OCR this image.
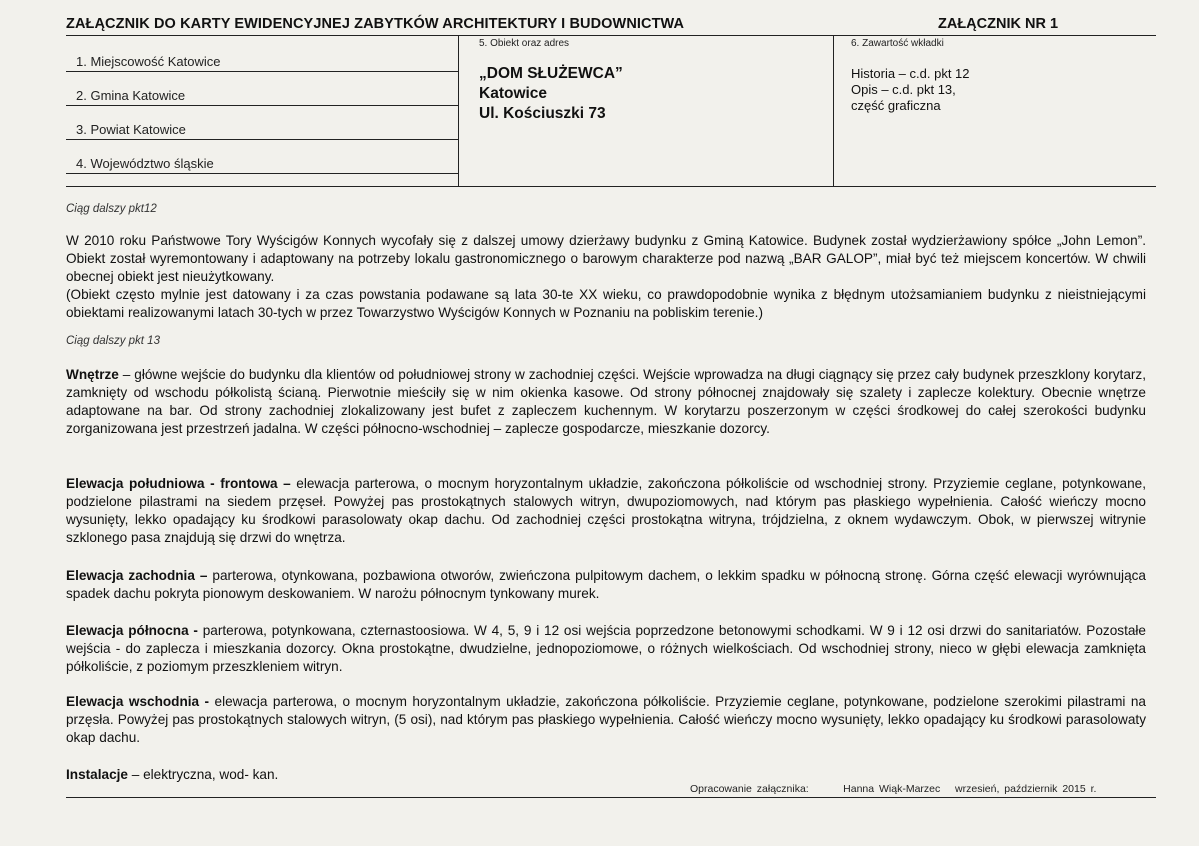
ZAŁĄCZNIK DO KARTY EWIDENCYJNEJ ZABYTKÓW ARCHITEKTURY I BUDOWNICTWA	ZAŁĄCZNIK NR 1
1. Miejscowość Katowice
2. Gmina Katowice
3. Powiat Katowice
4. Województwo śląskie
5. Obiekt oraz adres
„DOM SŁUŻEWCA”
Katowice
Ul. Kościuszki 73
6. Zawartość wkładki
Historia – c.d. pkt 12
Opis – c.d. pkt 13,
część graficzna
Ciąg dalszy pkt12
W 2010 roku Państwowe Tory Wyścigów Konnych wycofały się z dalszej umowy dzierżawy budynku z Gminą Katowice. Budynek został wydzierżawiony spółce „John Lemon”. Obiekt został wyremontowany i adaptowany na potrzeby lokalu gastronomicznego o barowym charakterze pod nazwą „BAR GALOP”, miał być też miejscem koncertów. W chwili obecnej obiekt jest nieużytkowany.
(Obiekt często mylnie jest datowany i za czas powstania podawane są lata 30-te XX wieku, co prawdopodobnie wynika z błędnym utożsamianiem budynku z nieistniejącymi obiektami realizowanymi latach 30-tych w przez Towarzystwo Wyścigów Konnych w Poznaniu na pobliskim terenie.)
Ciąg dalszy pkt 13
Wnętrze – główne wejście do budynku dla klientów od południowej strony w zachodniej części. Wejście wprowadza na długi ciągnący się przez cały budynek przeszklony korytarz, zamknięty od wschodu półkolistą ścianą. Pierwotnie mieściły się w nim okienka kasowe. Od strony północnej znajdowały się szalety i zaplecze kolektury. Obecnie wnętrze adaptowane na bar. Od strony zachodniej zlokalizowany jest bufet z zapleczem kuchennym. W korytarzu poszerzonym w części środkowej do całej szerokości budynku zorganizowana jest przestrzeń jadalna. W części północno-wschodniej – zaplecze gospodarcze, mieszkanie dozorcy.
Elewacja południowa - frontowa – elewacja parterowa, o mocnym horyzontalnym układzie, zakończona półkoliście od wschodniej strony. Przyziemie ceglane, potynkowane, podzielone pilastrami na siedem przęseł. Powyżej pas prostokątnych stalowych witryn, dwupoziomowych, nad którym pas płaskiego wypełnienia. Całość wieńczy mocno wysunięty, lekko opadający ku środkowi parasolowaty okap dachu. Od zachodniej części prostokątna witryna, trójdzielna, z oknem wydawczym. Obok, w pierwszej witrynie szklonego pasa znajdują się drzwi do wnętrza.
Elewacja zachodnia – parterowa, otynkowana, pozbawiona otworów, zwieńczona pulpitowym dachem, o lekkim spadku w północną stronę. Górna część elewacji wyrównująca spadek dachu pokryta pionowym deskowaniem. W narożu północnym tynkowany murek.
Elewacja północna - parterowa, potynkowana, czternastoosiowa. W 4, 5, 9 i 12 osi wejścia poprzedzone betonowymi schodkami. W 9 i 12 osi drzwi do sanitariatów. Pozostałe wejścia - do zaplecza i mieszkania dozorcy. Okna prostokątne, dwudzielne, jednopoziomowe, o różnych wielkościach. Od wschodniej strony, nieco w głębi elewacja zamknięta półkoliście, z poziomym przeszkleniem witryn.
Elewacja wschodnia - elewacja parterowa, o mocnym horyzontalnym układzie, zakończona półkoliście. Przyziemie ceglane, potynkowane, podzielone szerokimi pilastrami na przęsła. Powyżej pas prostokątnych stalowych witryn, (5 osi), nad którym pas płaskiego wypełnienia. Całość wieńczy mocno wysunięty, lekko opadający ku środkowi parasolowaty okap dachu.
Instalacje – elektryczna, wod- kan.
Opracowanie załącznika:	Hanna Wiąk-Marzec wrzesień, październik 2015 r.
